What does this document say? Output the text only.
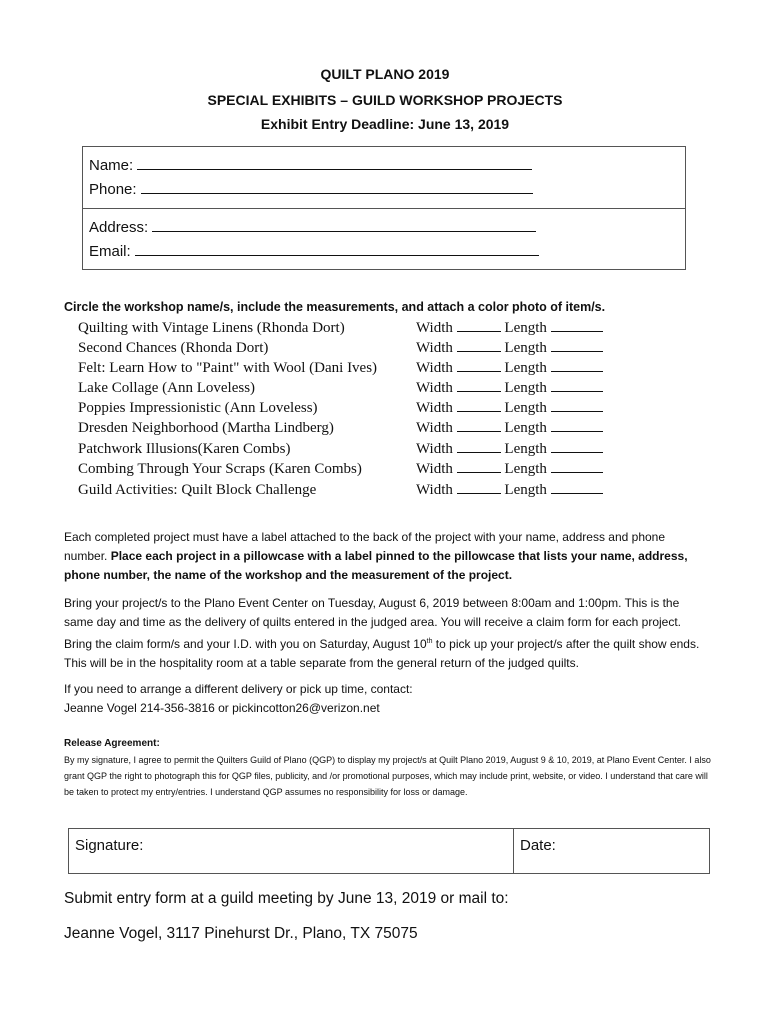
QUILT PLANO 2019
SPECIAL EXHIBITS – GUILD WORKSHOP PROJECTS
Exhibit Entry Deadline: June 13, 2019
Name:
Phone:
Address:
Email:
Circle the workshop name/s, include the measurements, and attach a color photo of item/s.
Quilting with Vintage Linens (Rhonda Dort)	Width	Length
Second Chances (Rhonda Dort)	Width	Length
Felt: Learn How to "Paint" with Wool (Dani Ives)	Width	Length
Lake Collage (Ann Loveless)	Width	Length
Poppies Impressionistic (Ann Loveless)	Width	Length
Dresden Neighborhood (Martha Lindberg)	Width	Length
Patchwork Illusions(Karen Combs)	Width	Length
Combing Through Your Scraps (Karen Combs)	Width	Length
Guild Activities: Quilt Block Challenge	Width	Length
Each completed project must have a label attached to the back of the project with your name, address and phone number. Place each project in a pillowcase with a label pinned to the pillowcase that lists your name, address, phone number, the name of the workshop and the measurement of the project.
Bring your project/s to the Plano Event Center on Tuesday, August 6, 2019 between 8:00am and 1:00pm. This is the same day and time as the delivery of quilts entered in the judged area. You will receive a claim form for each project. Bring the claim form/s and your I.D. with you on Saturday, August 10th to pick up your project/s after the quilt show ends. This will be in the hospitality room at a table separate from the general return of the judged quilts.
If you need to arrange a different delivery or pick up time, contact:
Jeanne Vogel 214-356-3816 or pickincotton26@verizon.net
Release Agreement:
By my signature, I agree to permit the Quilters Guild of Plano (QGP) to display my project/s at Quilt Plano 2019, August 9 & 10, 2019, at Plano Event Center. I also grant QGP the right to photograph this for QGP files, publicity, and /or promotional purposes, which may include print, website, or video. I understand that care will be taken to protect my entry/entries. I understand QGP assumes no responsibility for loss or damage.
Signature:	Date:
Submit entry form at a guild meeting by June 13, 2019 or mail to:
Jeanne Vogel, 3117 Pinehurst Dr., Plano, TX 75075
